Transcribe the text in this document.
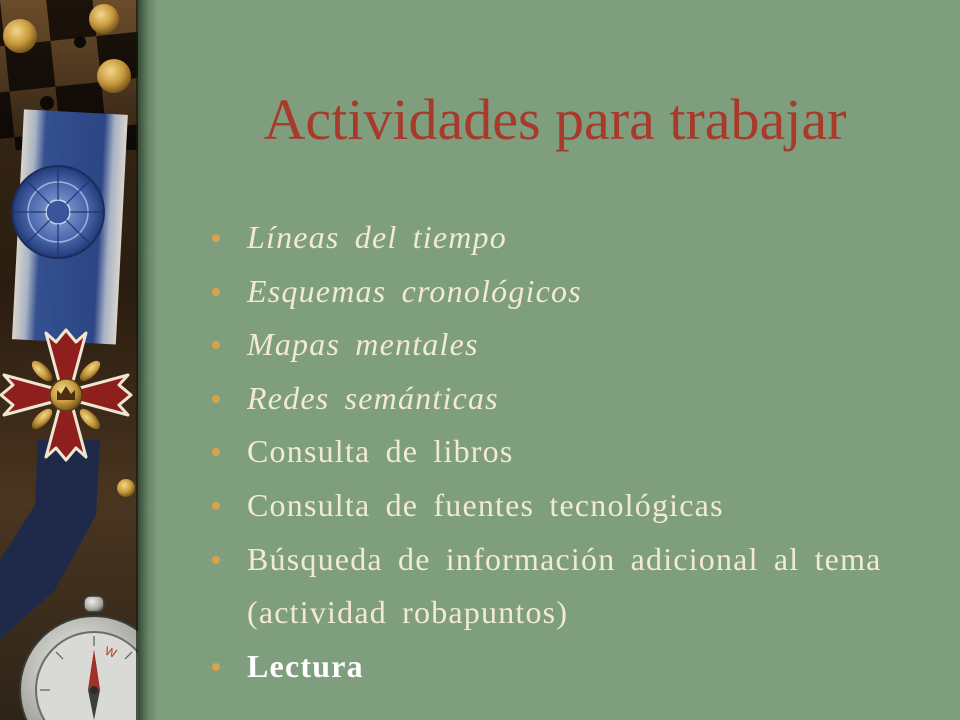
W
Actividades para trabajar
Líneas del tiempo
Esquemas cronológicos
Mapas mentales
Redes semánticas
Consulta de libros
Consulta de fuentes tecnológicas
Búsqueda de información adicional al tema (actividad robapuntos)
Lectura
